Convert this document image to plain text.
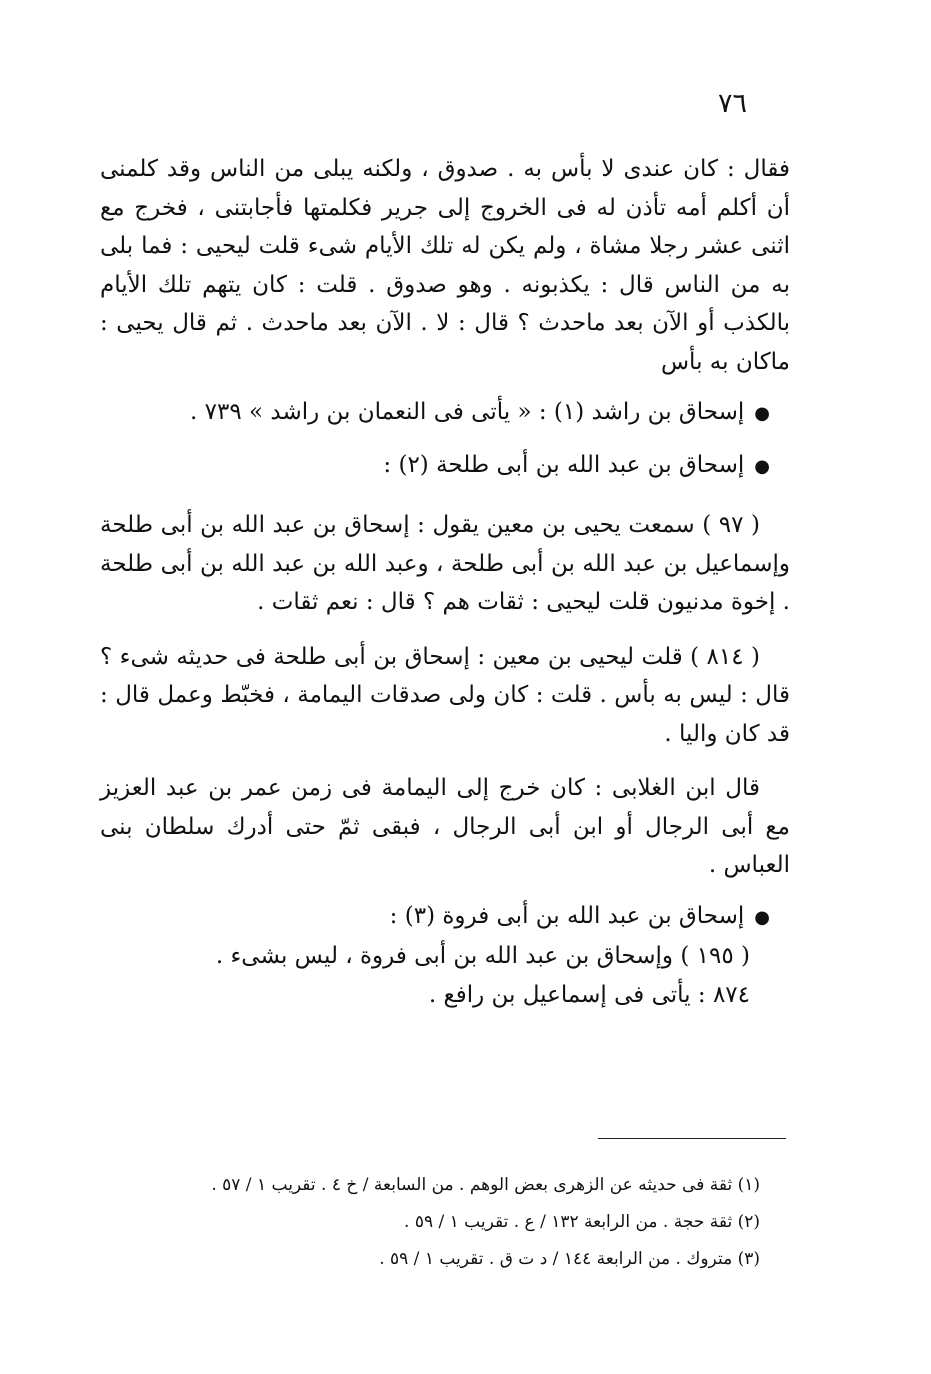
٧٦

فقال : كان عندى لا بأس به . صدوق ، ولكنه يبلى من الناس وقد كلمنى أن أكلم أمه تأذن له فى الخروج إلى جرير فكلمتها فأجابتنى ، فخرج مع اثنى عشر رجلا مشاة ، ولم يكن له تلك الأيام شىء قلت ليحيى : فما بلى به من الناس قال : يكذبونه . وهو صدوق . قلت : كان يتهم تلك الأيام بالكذب أو الآن بعد ماحدث ؟ قال : لا . الآن بعد ماحدث . ثم قال يحيى : ماكان به بأس

●إسحاق بن راشد (١) : « يأتى فى النعمان بن راشد » ٧٣٩ .

●إسحاق بن عبد الله بن أبى طلحة (٢) :

( ٩٧ ) سمعت يحيى بن معين يقول : إسحاق بن عبد الله بن أبى طلحة وإسماعيل بن عبد الله بن أبى طلحة ، وعبد الله بن عبد الله بن أبى طلحة . إخوة مدنيون قلت ليحيى : ثقات هم ؟ قال : نعم ثقات .

( ٨١٤ ) قلت ليحيى بن معين : إسحاق بن أبى طلحة فى حديثه شىء ؟ قال : ليس به بأس . قلت : كان ولى صدقات اليمامة ، فخبّط وعمل قال : قد كان واليا .

قال ابن الغلابى : كان خرج إلى اليمامة فى زمن عمر بن عبد العزيز مع أبى الرجال أو ابن أبى الرجال ، فبقى ثمّ حتى أدرك سلطان بنى العباس .

●إسحاق بن عبد الله بن أبى فروة (٣) :

( ١٩٥ ) وإسحاق بن عبد الله بن أبى فروة ، ليس بشىء .

٨٧٤ : يأتى فى إسماعيل بن رافع .

(١) ثقة فى حديثه عن الزهرى بعض الوهم . من السابعة / خ ٤ . تقريب ١ / ٥٧ .

(٢) ثقة حجة . من الرابعة ١٣٢ / ع . تقريب ١ / ٥٩ .

(٣) متروك . من الرابعة ١٤٤ / د ت ق . تقريب ١ / ٥٩ .
